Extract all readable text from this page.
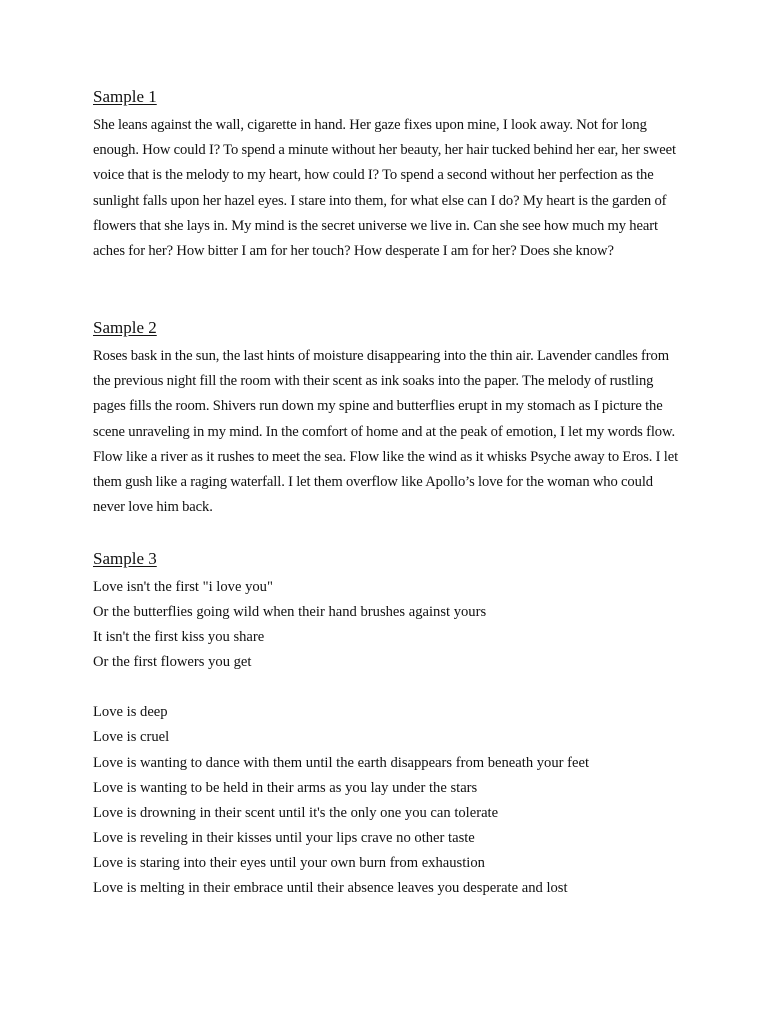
Sample 1

She leans against the wall, cigarette in hand. Her gaze fixes upon mine, I look away. Not for long enough. How could I? To spend a minute without her beauty, her hair tucked behind her ear, her sweet voice that is the melody to my heart, how could I? To spend a second without her perfection as the sunlight falls upon her hazel eyes. I stare into them, for what else can I do? My heart is the garden of flowers that she lays in. My mind is the secret universe we live in. Can she see how much my heart aches for her? How bitter I am for her touch? How desperate I am for her? Does she know?

Sample 2

Roses bask in the sun, the last hints of moisture disappearing into the thin air. Lavender candles from the previous night fill the room with their scent as ink soaks into the paper. The melody of rustling pages fills the room. Shivers run down my spine and butterflies erupt in my stomach as I picture the scene unraveling in my mind. In the comfort of home and at the peak of emotion, I let my words flow. Flow like a river as it rushes to meet the sea. Flow like the wind as it whisks Psyche away to Eros. I let them gush like a raging waterfall. I let them overflow like Apollo’s love for the woman who could never love him back.

Sample 3

Love isn't the first "i love you"

Or the butterflies going wild when their hand brushes against yours

It isn't the first kiss you share

Or the first flowers you get

Love is deep

Love is cruel

Love is wanting to dance with them until the earth disappears from beneath your feet

Love is wanting to be held in their arms as you lay under the stars

Love is drowning in their scent until it's the only one you can tolerate

Love is reveling in their kisses until your lips crave no other taste

Love is staring into their eyes until your own burn from exhaustion

Love is melting in their embrace until their absence leaves you desperate and lost
